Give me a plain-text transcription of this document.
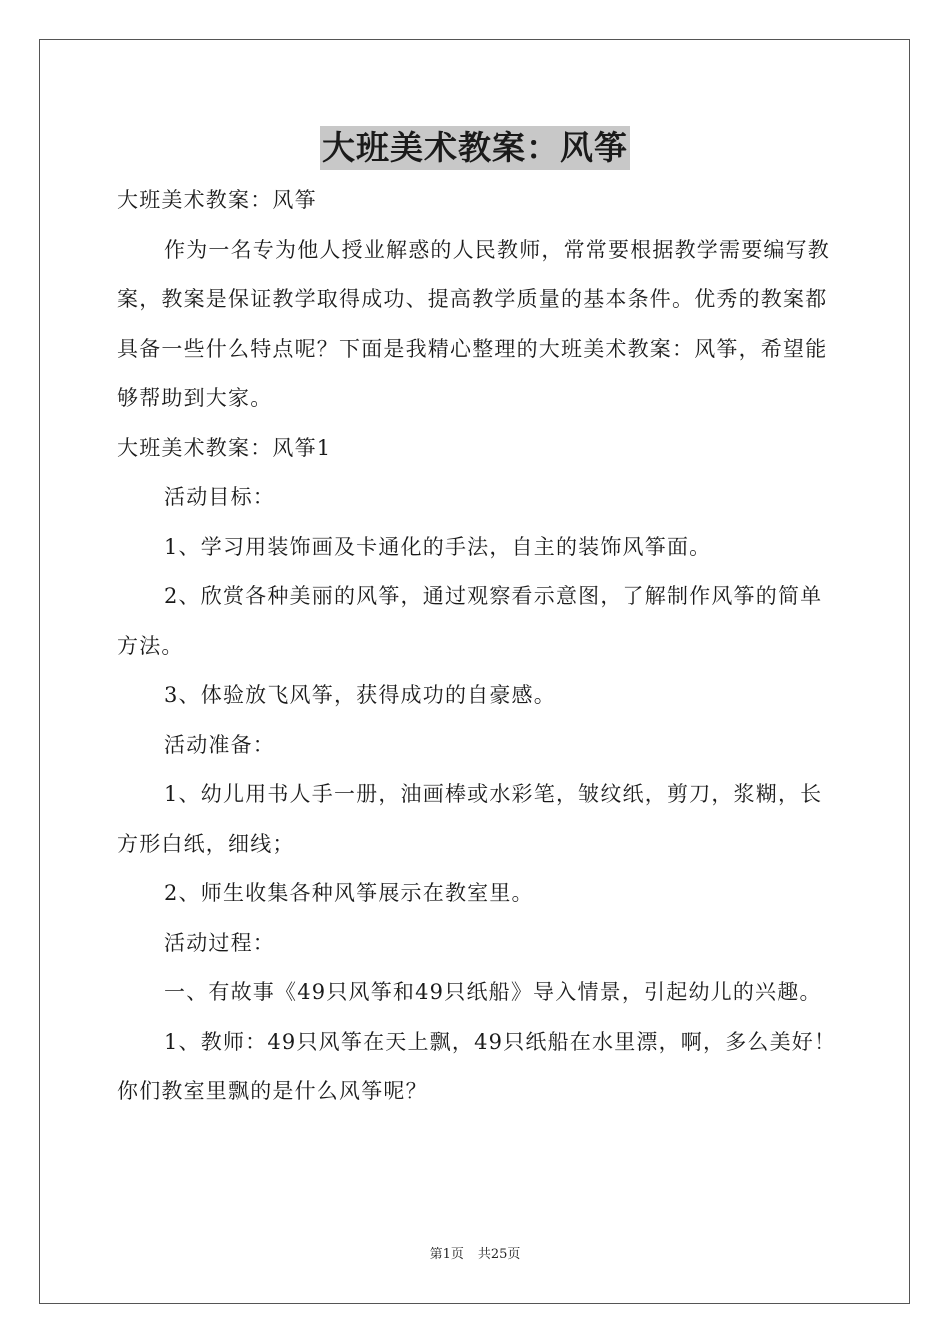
大班美术教案：风筝

大班美术教案：风筝

作为一名专为他人授业解惑的人民教师，常常要根据教学需要编写教案，教案是保证教学取得成功、提高教学质量的基本条件。优秀的教案都具备一些什么特点呢？下面是我精心整理的大班美术教案：风筝，希望能够帮助到大家。

大班美术教案：风筝1

活动目标：

1、学习用装饰画及卡通化的手法，自主的装饰风筝面。

2、欣赏各种美丽的风筝，通过观察看示意图，了解制作风筝的简单方法。

3、体验放飞风筝，获得成功的自豪感。

活动准备：

1、幼儿用书人手一册，油画棒或水彩笔，皱纹纸，剪刀，浆糊，长方形白纸，细线；

2、师生收集各种风筝展示在教室里。

活动过程：

一、有故事《49只风筝和49只纸船》导入情景，引起幼儿的兴趣。

1、教师：49只风筝在天上飘，49只纸船在水里漂，啊，多么美好！你们教室里飘的是什么风筝呢？

第1页 共25页
